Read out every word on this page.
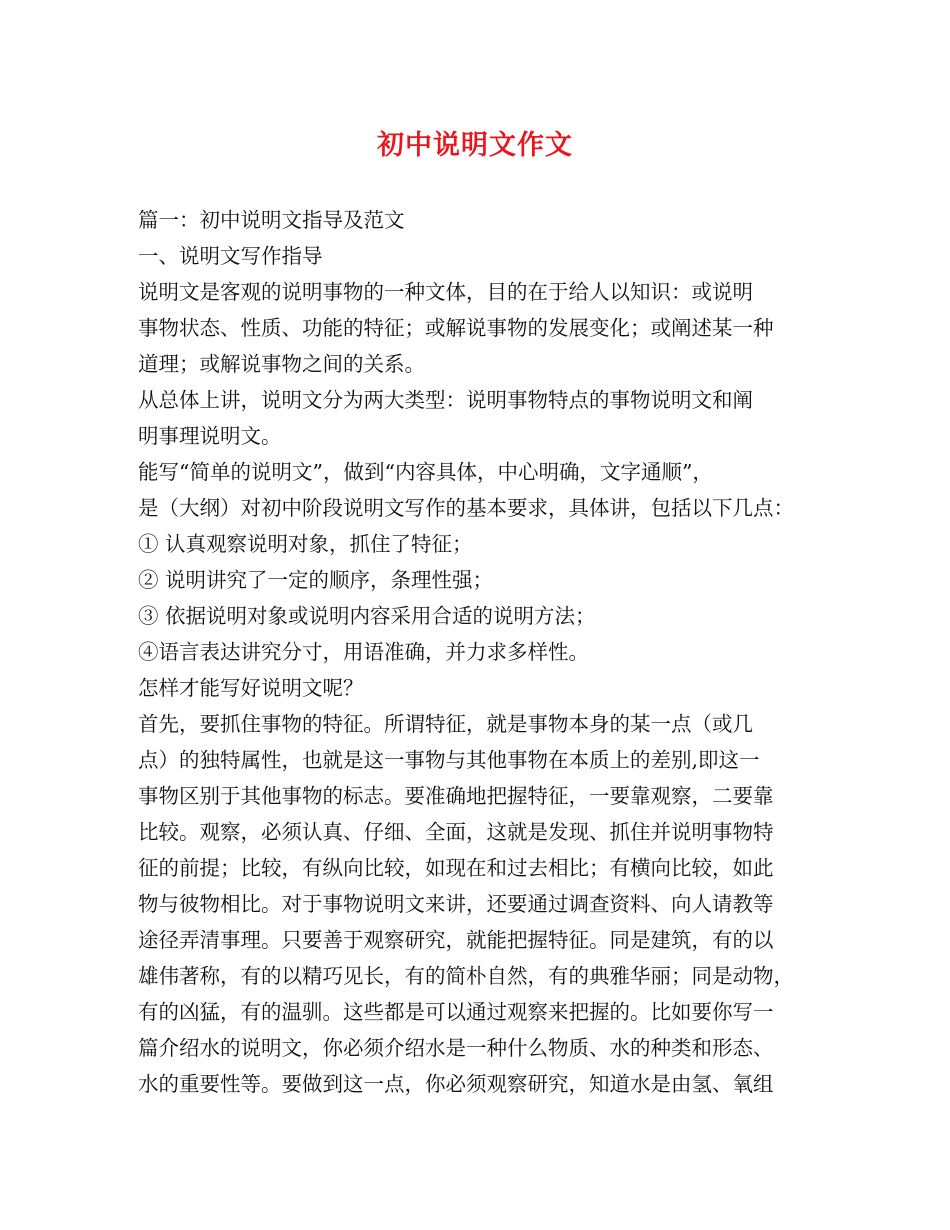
初中说明文作文
篇一：初中说明文指导及范文
一、说明文写作指导
说明文是客观的说明事物的一种文体，目的在于给人以知识：或说明
事物状态、性质、功能的特征；或解说事物的发展变化；或阐述某一种
道理；或解说事物之间的关系。
从总体上讲，说明文分为两大类型：说明事物特点的事物说明文和阐
明事理说明文。
能写“简单的说明文”，做到“内容具体，中心明确，文字通顺”，
是（大纲）对初中阶段说明文写作的基本要求，具体讲，包括以下几点：
① 认真观察说明对象，抓住了特征；
② 说明讲究了一定的顺序，条理性强；
③ 依据说明对象或说明内容采用合适的说明方法；
④语言表达讲究分寸，用语准确，并力求多样性。
怎样才能写好说明文呢？
首先，要抓住事物的特征。所谓特征，就是事物本身的某一点（或几
点）的独特属性，也就是这一事物与其他事物在本质上的差别,即这一
事物区别于其他事物的标志。要准确地把握特征，一要靠观察，二要靠
比较。观察，必须认真、仔细、全面，这就是发现、抓住并说明事物特
征的前提；比较，有纵向比较，如现在和过去相比；有横向比较，如此
物与彼物相比。对于事物说明文来讲，还要通过调查资料、向人请教等
途径弄清事理。只要善于观察研究，就能把握特征。同是建筑，有的以
雄伟著称，有的以精巧见长，有的简朴自然，有的典雅华丽；同是动物，
有的凶猛，有的温驯。这些都是可以通过观察来把握的。比如要你写一
篇介绍水的说明文，你必须介绍水是一种什么物质、水的种类和形态、
水的重要性等。要做到这一点，你必须观察研究，知道水是由氢、氧组
